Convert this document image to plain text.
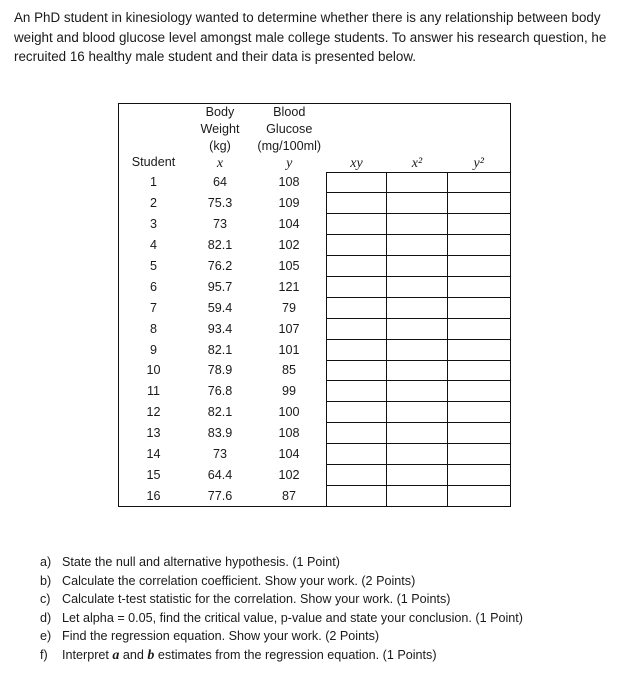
An PhD student in kinesiology wanted to determine whether there is any relationship between body
weight and blood glucose level amongst male college students. To answer his research question, he
recruited 16 healthy male student and their data is presented below.
Student	Body
Weight
(kg)
x	Blood
Glucose
(mg/100ml)
y	xy	x²	y²

1	64	108			
2	75.3	109			
3	73	104			
4	82.1	102			
5	76.2	105			
6	95.7	121			
7	59.4	79			
8	93.4	107			
9	82.1	101			
10	78.9	85			
11	76.8	99			
12	82.1	100			
13	83.9	108			
14	73	104			
15	64.4	102			
16	77.6	87			
a) State the null and alternative hypothesis. (1 Point)
b) Calculate the correlation coefficient. Show your work. (2 Points)
c) Calculate t-test statistic for the correlation. Show your work. (1 Points)
d) Let alpha = 0.05, find the critical value, p-value and state your conclusion. (1 Point)
e) Find the regression equation. Show your work. (2 Points)
f)	Interpret a and b estimates from the regression equation. (1 Points)
